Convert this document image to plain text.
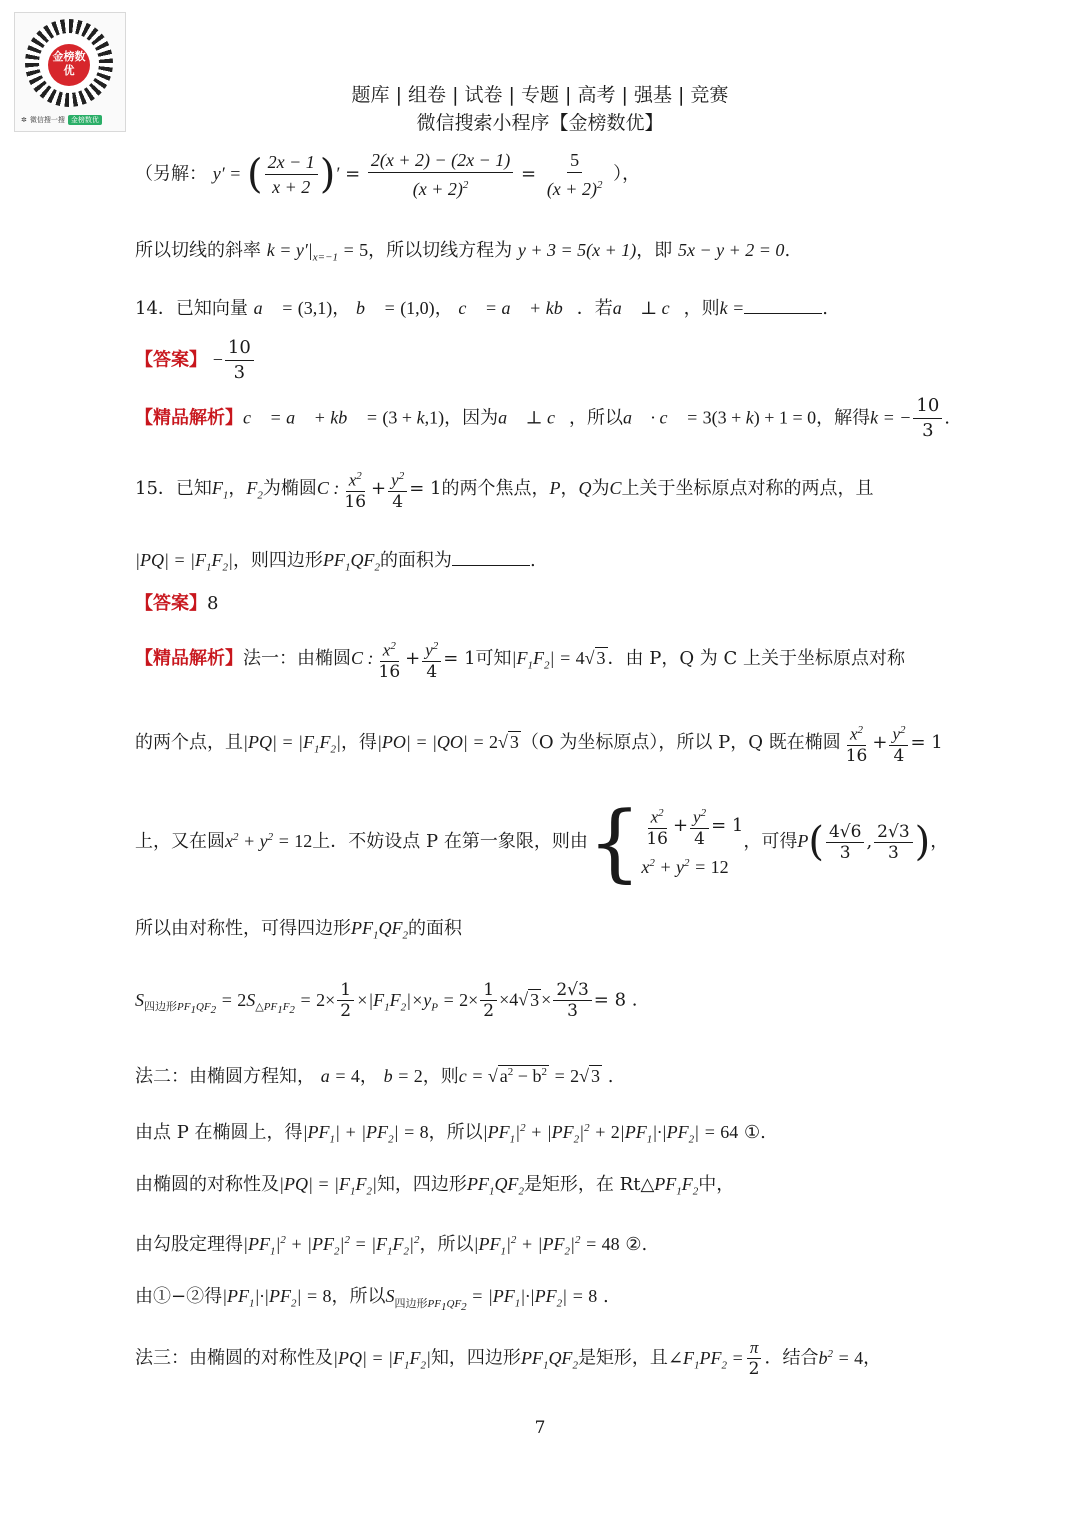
金榜数优
✲ 微信搜一搜 金榜数优
题库 | 组卷 | 试卷 | 专题 | 高考 | 强基 | 竞赛
微信搜索小程序【金榜数优】
（另解： y′ = ( $\frac{2x - 1}{x + 2}$ )′ = $\frac{2(x + 2) - (2x - 1)}{(x + 2)^2} = \frac{5}{(x + 2)^2}$ ），
所以切线的斜率 $k = y'|_{x=-1} = 5$，所以切线方程为 y + 3 = 5(x + 1)，即 5x − y + 2 = 0.
14．已知向量 a⃗ = (3,1)， b⃗ = (1,0)， c⃗ = a⃗ + kb⃗．若a⃗ ⊥ c⃗，则k =	.
【答案】 − $\frac{10}{3}$
【精品解析】c⃗ = a⃗ + kb⃗ = (3 + k,1)，因为a⃗ ⊥ c⃗，所以a⃗ · c⃗ = 3(3 + k) + 1 = 0，解得k = − $\frac{10}{3}$ .
15．已知$F_1$，$F_2$为椭圆C : $\frac{x^2}{16} + \frac{y^2}{4} = 1$的两个焦点，P，Q为C上关于坐标原点对称的两点，且
$|PQ| = |F_1F_2|$，则四边形$PF_1QF_2$的面积为	.
【答案】8
【精品解析】法一：由椭圆C : $\frac{x^2}{16} + \frac{y^2}{4} = 1$可知$|F_1F_2| = 4√$ 3 ．由 P，Q 为 C 上关于坐标原点对称
的两个点，且$|PQ| = |F_1F_2|$，得|PO| = |QO| = 2√ 3 （O 为坐标原点），所以 P，Q 既在椭圆 $\frac{x^2}{16} + \frac{y^2}{4} = 1$
上，又在圆$x^2 + y^2 = 12$上．不妨设点 P 在第一象限，则由{ $\frac{x^2}{16} + \frac{y^2}{4} = 1$
$x^2 + y^2 = 12$
，可得$P( \frac{4√6}{3}$ , $\frac{2√3}{3}$ )，
所以由对称性，可得四边形$PF_1QF_2$的面积
$S_{四边形PF_1QF_2} = 2S_{\triangle PF_1F_2} = 2\times \frac{1}{2} \times|F_1F_2|\times y_P = 2\times \frac{1}{2} \times 4√$ $3 \times \frac{2√3}{3} = 8$ .
法二：由椭圆方程知， a = 4， b = 2，则c = √ $a^2 - b^2 = 2√$ 3 .
由点 P 在椭圆上，得$|PF_1| + |PF_2| = 8$，所以$|PF_1|^2 + |PF_2|^2 + 2|PF_1|\cdot|PF_2| = 64$ ①.
由椭圆的对称性及$|PQ| = |F_1F_2|$知，四边形$PF_1QF_2$是矩形，在 $Rt\triangle PF_1F_2$中，
由勾股定理得$|PF_1|^2 + |PF_2|^2 = |F_1F_2|^2$，所以$|PF_1|^2 + |PF_2|^2 = 48$ ②.
由①−②得$|PF_1|\cdot|PF_2| = 8$，所以$S_{四边形PF_1QF_2} = |PF_1|\cdot|PF_2| = 8$ .
法三：由椭圆的对称性及$|PQ| = |F_1F_2|$知，四边形$PF_1QF_2$是矩形，且$\angle F_1PF_2 = \frac{\pi}{2}$ ．结合$b^2 = 4$，
7
